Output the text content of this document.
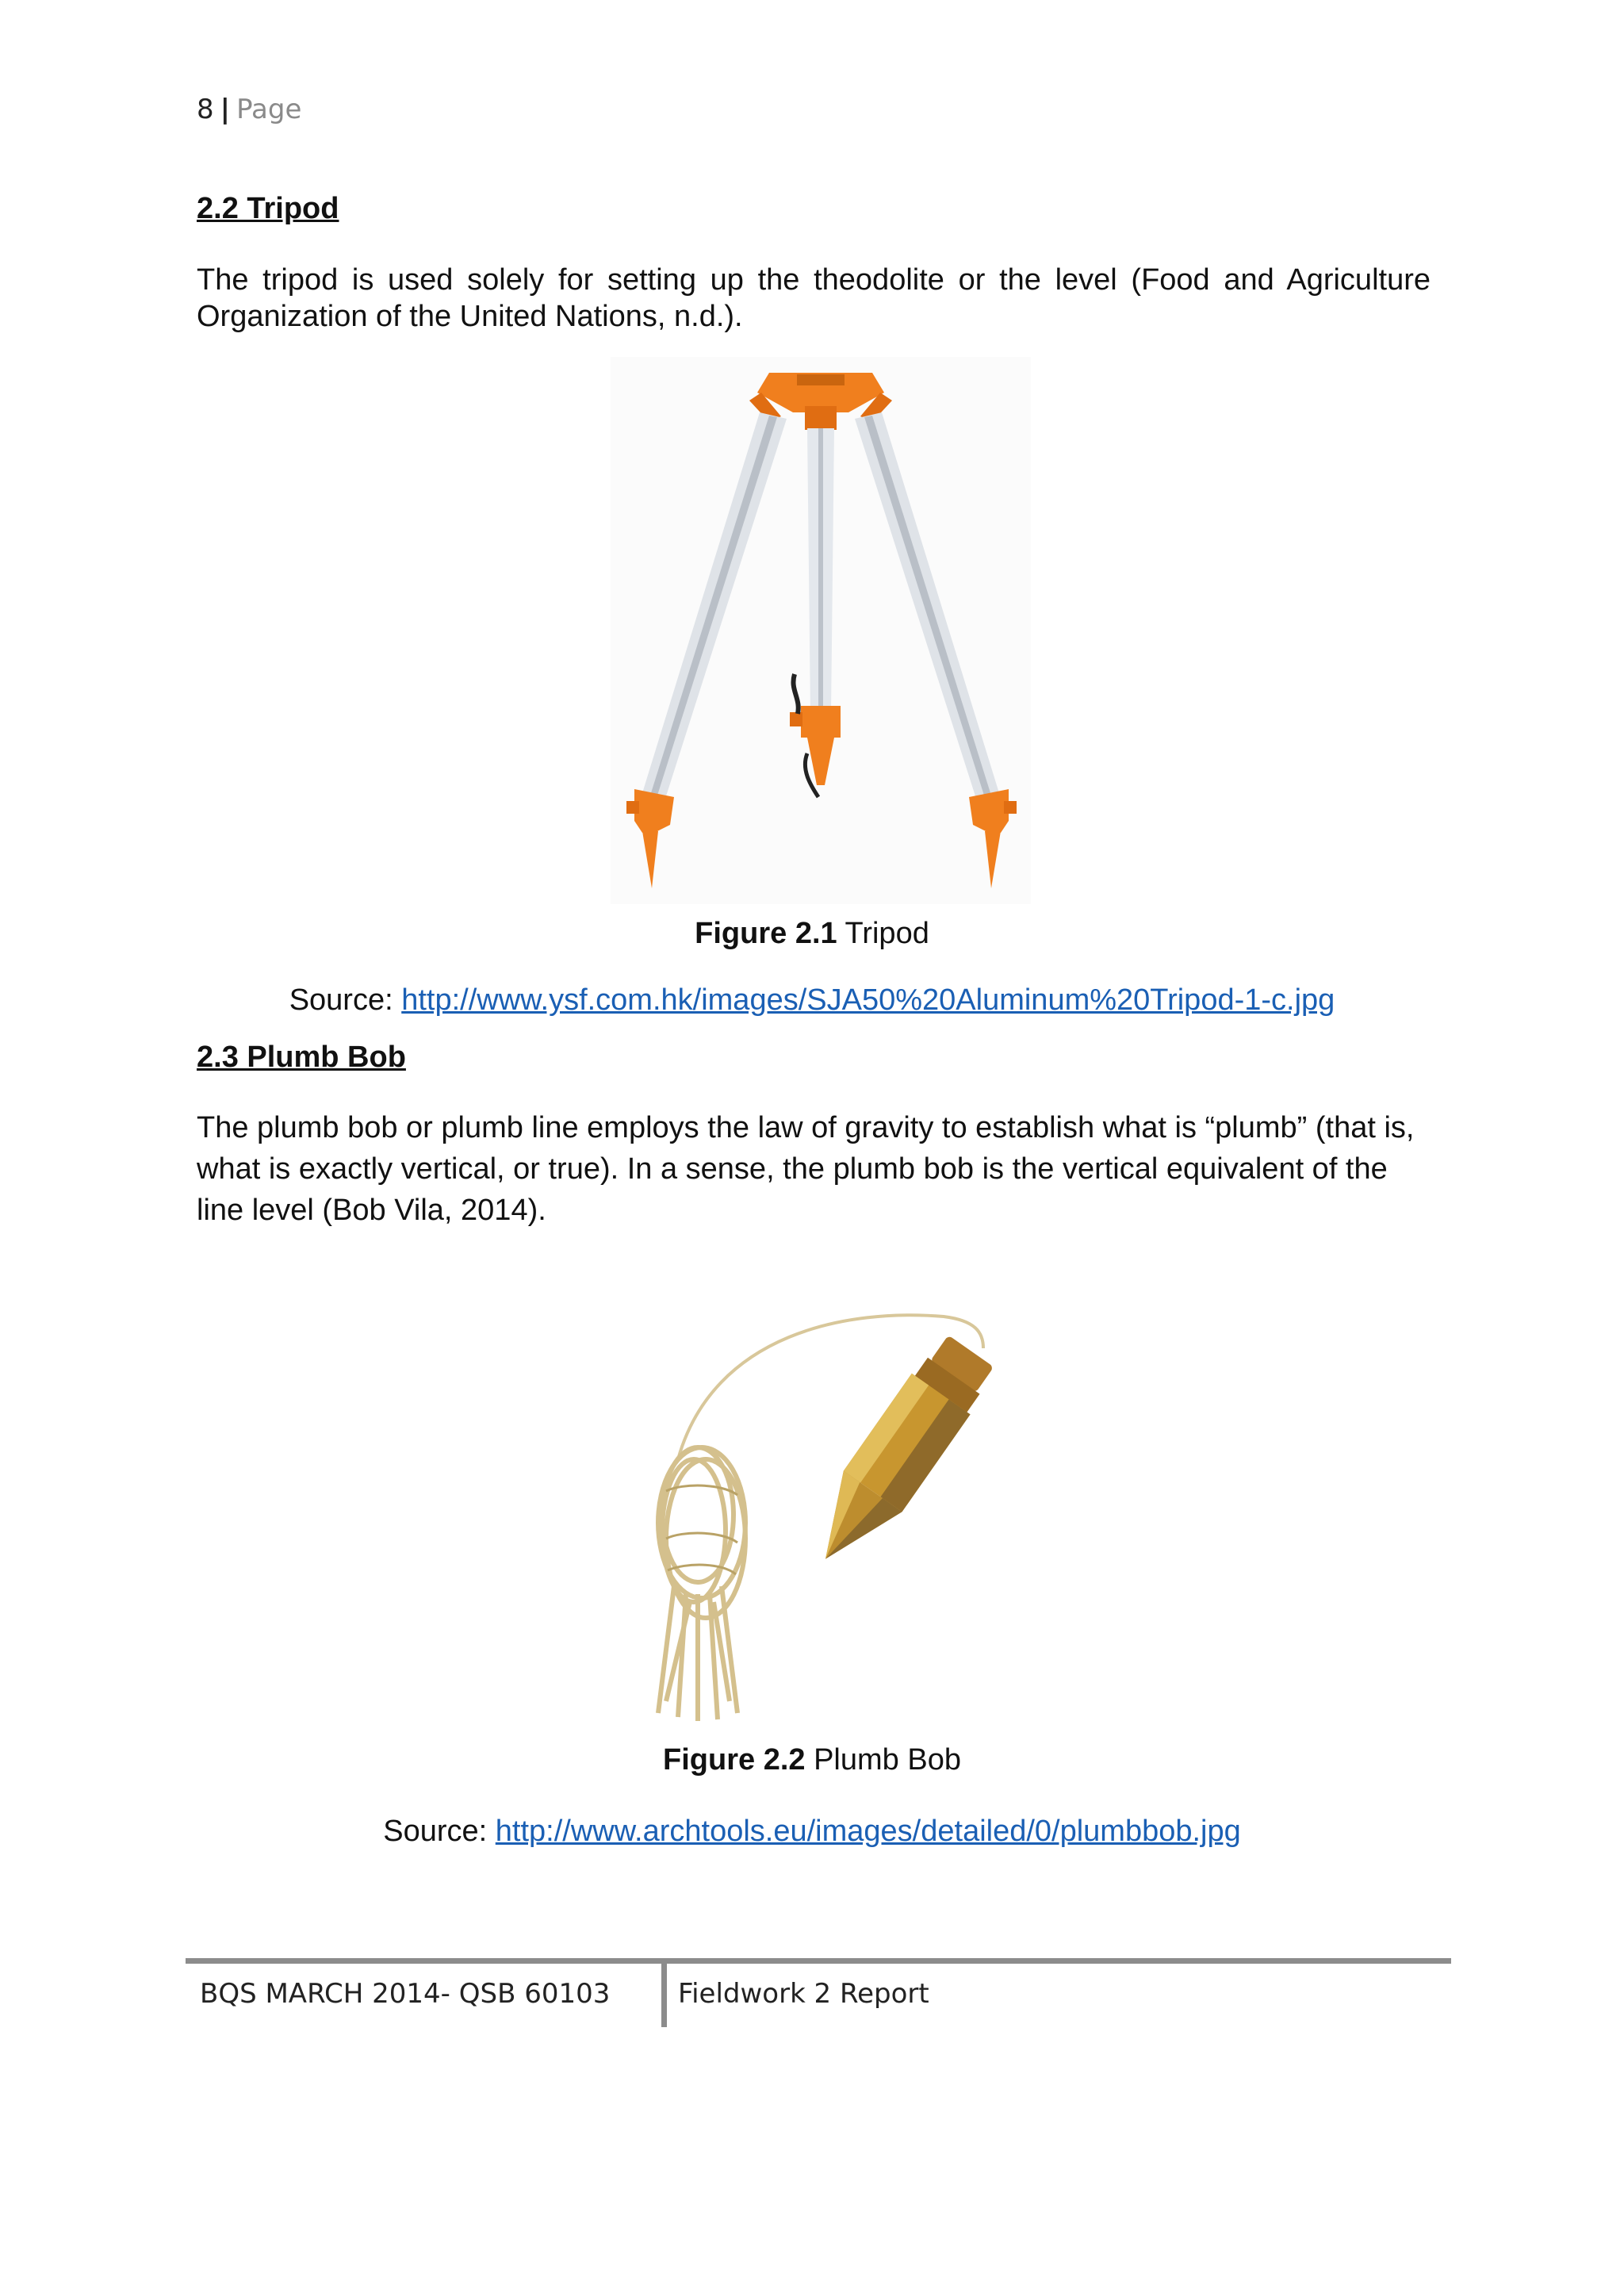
8 | Page
2.2 Tripod
The tripod is used solely for setting up the theodolite or the level (Food and Agriculture Organization of the United Nations, n.d.).
Figure 2.1 Tripod
Source: http://www.ysf.com.hk/images/SJA50%20Aluminum%20Tripod-1-c.jpg
2.3 Plumb Bob
The plumb bob or plumb line employs the law of gravity to establish what is “plumb” (that is,
what is exactly vertical, or true). In a sense, the plumb bob is the vertical equivalent of the
line level (Bob Vila, 2014).
Figure 2.2 Plumb Bob
Source: http://www.archtools.eu/images/detailed/0/plumbbob.jpg
BQS MARCH 2014- QSB 60103	Fieldwork 2 Report
